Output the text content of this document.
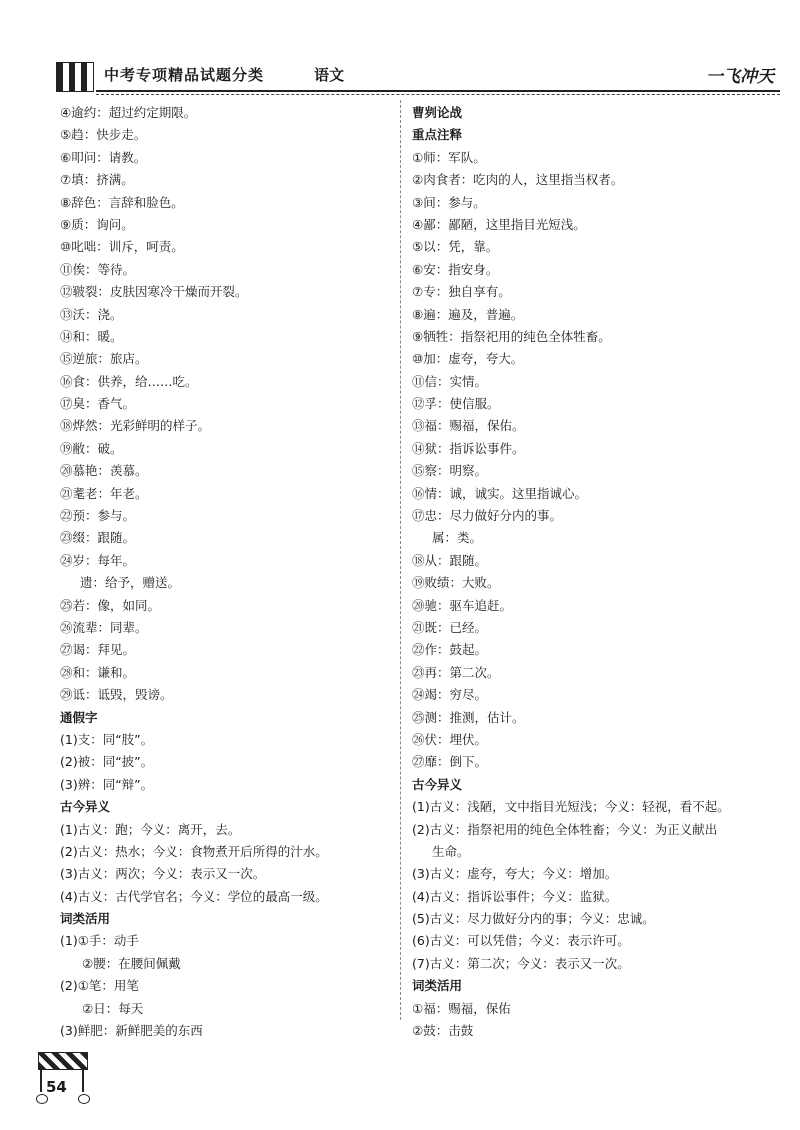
中考专项精品试题分类	语文	一飞冲天
④逾约：超过约定期限。
⑤趋：快步走。
⑥叩问：请教。
⑦填：挤满。
⑧辞色：言辞和脸色。
⑨质：询问。
⑩叱咄：训斥，呵责。
⑪俟：等待。
⑫皲裂：皮肤因寒冷干燥而开裂。
⑬沃：浇。
⑭和：暖。
⑮逆旅：旅店。
⑯食：供养，给……吃。
⑰臭：香气。
⑱烨然：光彩鲜明的样子。
⑲敝：破。
⑳慕艳：羡慕。
㉑耄老：年老。
㉒预：参与。
㉓缀：跟随。
㉔岁：每年。
遗：给予，赠送。
㉕若：像，如同。
㉖流辈：同辈。
㉗谒：拜见。
㉘和：谦和。
㉙诋：诋毁，毁谤。
通假字
(1)支：同“肢”。
(2)被：同“披”。
(3)辨：同“辩”。
古今异义
(1)古义：跑；今义：离开，去。
(2)古义：热水；今义：食物煮开后所得的汁水。
(3)古义：两次；今义：表示又一次。
(4)古义：古代学官名；今义：学位的最高一级。
词类活用
(1)①手：动手
②腰：在腰间佩戴
(2)①笔：用笔
②日：每天
(3)鲜肥：新鲜肥美的东西
曹刿论战
重点注释
①师：军队。
②肉食者：吃肉的人，这里指当权者。
③间：参与。
④鄙：鄙陋，这里指目光短浅。
⑤以：凭，靠。
⑥安：指安身。
⑦专：独自享有。
⑧遍：遍及，普遍。
⑨牺牲：指祭祀用的纯色全体牲畜。
⑩加：虚夸，夸大。
⑪信：实情。
⑫孚：使信服。
⑬福：赐福，保佑。
⑭狱：指诉讼事件。
⑮察：明察。
⑯情：诚，诚实。这里指诚心。
⑰忠：尽力做好分内的事。
属：类。
⑱从：跟随。
⑲败绩：大败。
⑳驰：驱车追赶。
㉑既：已经。
㉒作：鼓起。
㉓再：第二次。
㉔竭：穷尽。
㉕测：推测，估计。
㉖伏：埋伏。
㉗靡：倒下。
古今异义
(1)古义：浅陋，文中指目光短浅；今义：轻视，看不起。
(2)古义：指祭祀用的纯色全体牲畜；今义：为正义献出
生命。
(3)古义：虚夸，夸大；今义：增加。
(4)古义：指诉讼事件；今义：监狱。
(5)古义：尽力做好分内的事；今义：忠诚。
(6)古义：可以凭借；今义：表示许可。
(7)古义：第二次；今义：表示又一次。
词类活用
①福：赐福，保佑
②鼓：击鼓
54
